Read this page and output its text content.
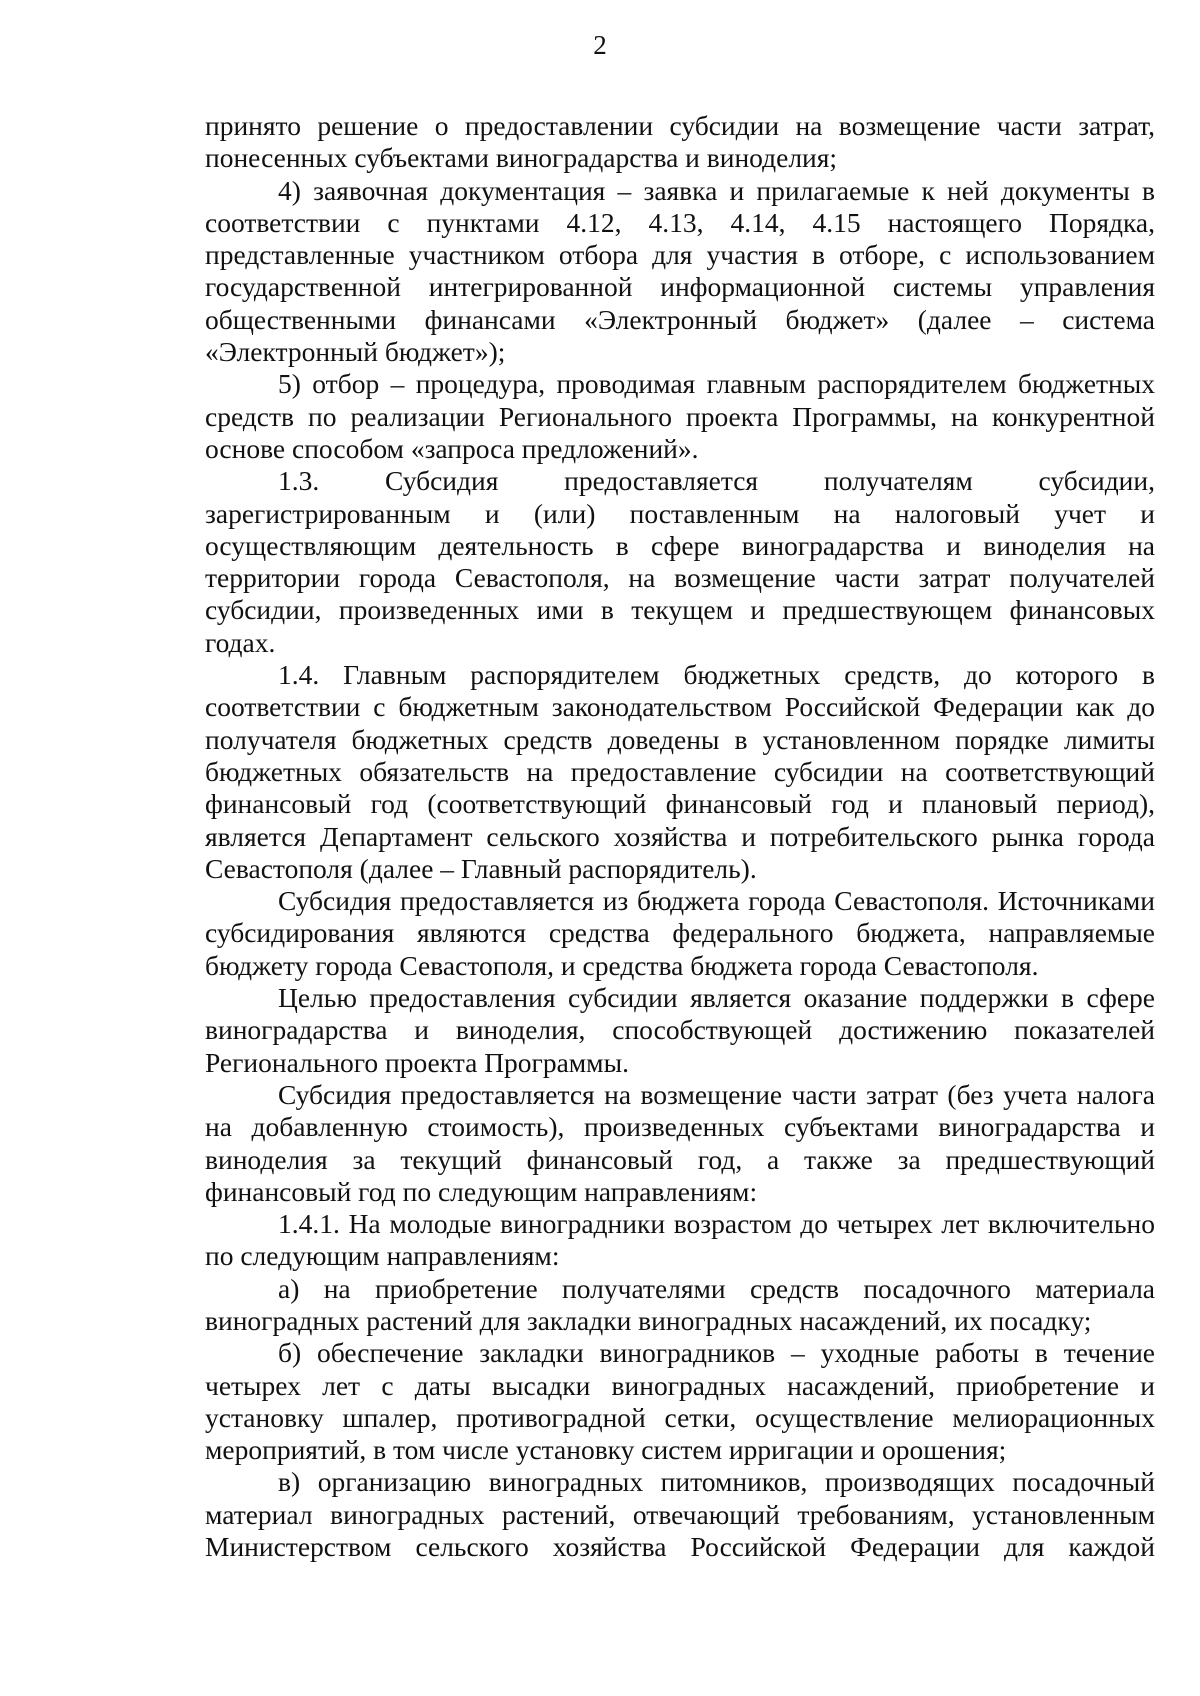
2

принято решение о предоставлении субсидии на возмещение части затрат, понесенных субъектами виноградарства и виноделия;

4) заявочная документация – заявка и прилагаемые к ней документы в соответствии с пунктами 4.12, 4.13, 4.14, 4.15 настоящего Порядка, представленные участником отбора для участия в отборе, с использованием государственной интегрированной информационной системы управления общественными финансами «Электронный бюджет» (далее – система «Электронный бюджет»);

5) отбор – процедура, проводимая главным распорядителем бюджетных средств по реализации Регионального проекта Программы, на конкурентной основе способом «запроса предложений».

1.3. Субсидия предоставляется получателям субсидии, зарегистрированным и (или) поставленным на налоговый учет и осуществляющим деятельность в сфере виноградарства и виноделия на территории города Севастополя, на возмещение части затрат получателей субсидии, произведенных ими в текущем и предшествующем финансовых годах.

1.4. Главным распорядителем бюджетных средств, до которого в соответствии с бюджетным законодательством Российской Федерации как до получателя бюджетных средств доведены в установленном порядке лимиты бюджетных обязательств на предоставление субсидии на соответствующий финансовый год (соответствующий финансовый год и плановый период), является Департамент сельского хозяйства и потребительского рынка города Севастополя (далее – Главный распорядитель).

Субсидия предоставляется из бюджета города Севастополя. Источниками субсидирования являются средства федерального бюджета, направляемые бюджету города Севастополя, и средства бюджета города Севастополя.

Целью предоставления субсидии является оказание поддержки в сфере виноградарства и виноделия, способствующей достижению показателей Регионального проекта Программы.

Субсидия предоставляется на возмещение части затрат (без учета налога на добавленную стоимость), произведенных субъектами виноградарства и виноделия за текущий финансовый год, а также за предшествующий финансовый год по следующим направлениям:

1.4.1. На молодые виноградники возрастом до четырех лет включительно по следующим направлениям:

а) на приобретение получателями средств посадочного материала виноградных растений для закладки виноградных насаждений, их посадку;

б) обеспечение закладки виноградников – уходные работы в течение четырех лет с даты высадки виноградных насаждений, приобретение и установку шпалер, противоградной сетки, осуществление мелиорационных мероприятий, в том числе установку систем ирригации и орошения;

в) организацию виноградных питомников, производящих посадочный материал виноградных растений, отвечающий требованиям, установленным Министерством сельского хозяйства Российской Федерации для каждой
